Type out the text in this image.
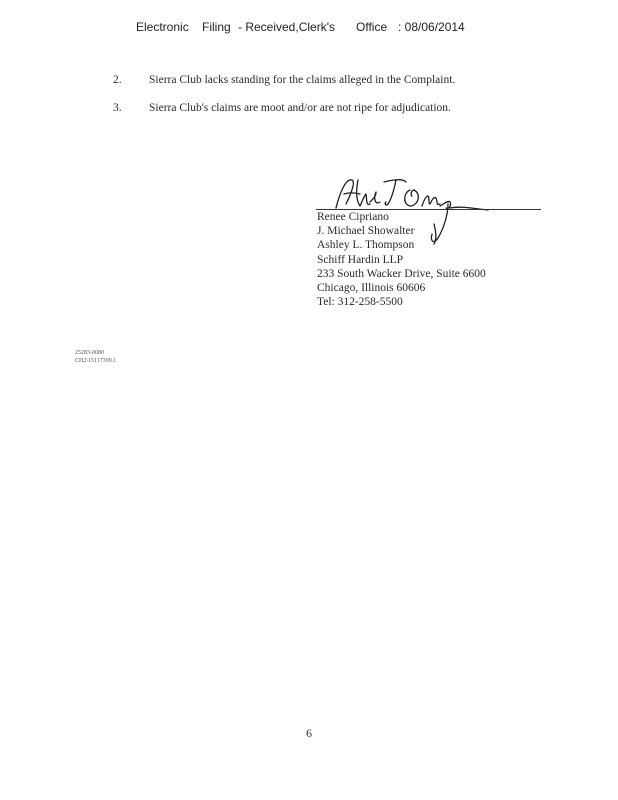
Electronic Filing - Received,Clerk's Office : 08/06/2014
2. Sierra Club lacks standing for the claims alleged in the Complaint.
3. Sierra Club's claims are moot and/or are not ripe for adjudication.
Renee Cipriano
J. Michael Showalter
Ashley L. Thompson
Schiff Hardin LLP
233 South Wacker Drive, Suite 6600
Chicago, Illinois 60606
Tel: 312-258-5500
25283-0080
CH2\15117399.1
6
